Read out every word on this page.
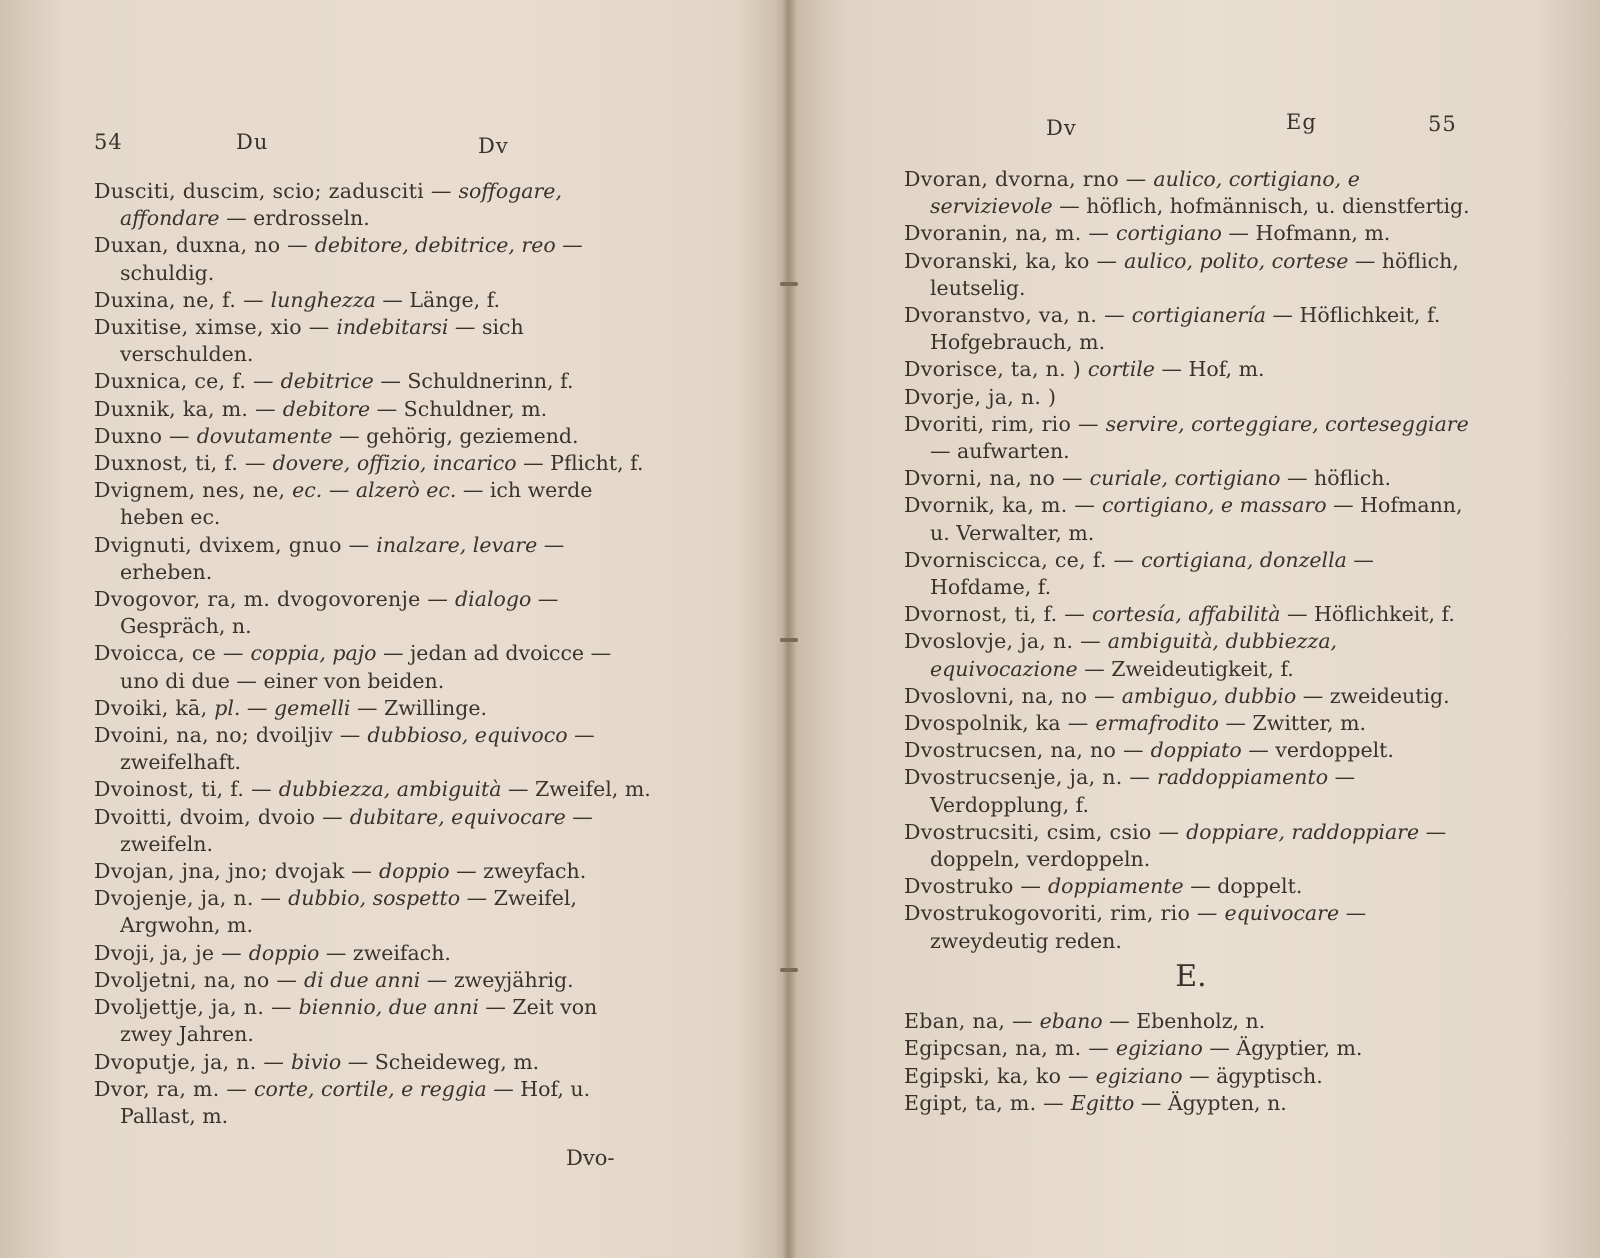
54	Du	Dv
Dusciti, duscim, scio; zadusciti — soffogare, affondare — erdrosseln.
Duxan, duxna, no — debitore, debitrice, reo — schuldig.
Duxina, ne, f. — lunghezza — Länge, f.
Duxitise, ximse, xio — indebitarsi — sich verschulden.
Duxnica, ce, f. — debitrice — Schuldnerinn, f.
Duxnik, ka, m. — debitore — Schuldner, m.
Duxno — dovutamente — gehörig, geziemend.
Duxnost, ti, f. — dovere, offizio, incarico — Pflicht, f.
Dvignem, nes, ne, ec. — alzerò ec. — ich werde heben ec.
Dvignuti, dvixem, gnuo — inalzare, levare — erheben.
Dvogovor, ra, m. dvogovorenje — dialogo — Gespräch, n.
Dvoicca, ce — coppia, pajo — jedan ad dvoicce — uno di due — einer von beiden.
Dvoiki, kā, pl. — gemelli — Zwillinge.
Dvoini, na, no; dvoiljiv — dubbioso, equivoco — zweifelhaft.
Dvoinost, ti, f. — dubbiezza, ambiguità — Zweifel, m.
Dvoitti, dvoim, dvoio — dubitare, equivocare — zweifeln.
Dvojan, jna, jno; dvojak — doppio — zweyfach.
Dvojenje, ja, n. — dubbio, sospetto — Zweifel, Argwohn, m.
Dvoji, ja, je — doppio — zweifach.
Dvoljetni, na, no — di due anni — zweyjährig.
Dvoljettje, ja, n. — biennio, due anni — Zeit von zwey Jahren.
Dvoputje, ja, n. — bivio — Scheideweg, m.
Dvor, ra, m. — corte, cortile, e reggia — Hof, u. Pallast, m.
Dvo-
Dv	Eg	55
Dvoran, dvorna, rno — aulico, cortigiano, e servizievole — höflich, hofmännisch, u. dienstfertig.
Dvoranin, na, m. — cortigiano — Hofmann, m.
Dvoranski, ka, ko — aulico, polito, cortese — höflich, leutselig.
Dvoranstvo, va, n. — cortigianería — Höflichkeit, f. Hofgebrauch, m.
Dvorisce, ta, n. ) cortile — Hof, m.
Dvorje, ja, n. )
Dvoriti, rim, rio — servire, corteggiare, corteseggiare — aufwarten.
Dvorni, na, no — curiale, cortigiano — höflich.
Dvornik, ka, m. — cortigiano, e massaro — Hofmann, u. Verwalter, m.
Dvorniscicca, ce, f. — cortigiana, donzella — Hofdame, f.
Dvornost, ti, f. — cortesía, affabilità — Höflichkeit, f.
Dvoslovje, ja, n. — ambiguità, dubbiezza, equivocazione — Zweideutigkeit, f.
Dvoslovni, na, no — ambiguo, dubbio — zweideutig.
Dvospolnik, ka — ermafrodito — Zwitter, m.
Dvostrucsen, na, no — doppiato — verdoppelt.
Dvostrucsenje, ja, n. — raddoppiamento — Verdopplung, f.
Dvostrucsiti, csim, csio — doppiare, raddoppiare — doppeln, verdoppeln.
Dvostruko — doppiamente — doppelt.
Dvostrukogovoriti, rim, rio — equivocare — zweydeutig reden.
E.
Eban, na, — ebano — Ebenholz, n.
Egipcsan, na, m. — egiziano — Ägyptier, m.
Egipski, ka, ko — egiziano — ägyptisch.
Egipt, ta, m. — Egitto — Ägypten, n.
